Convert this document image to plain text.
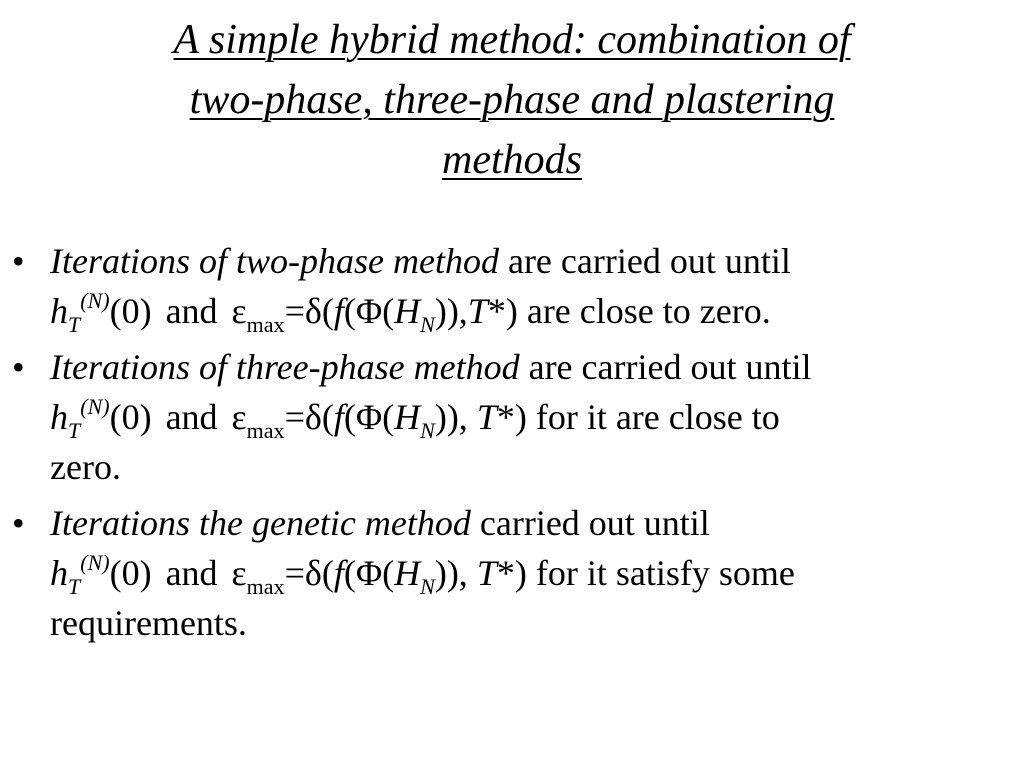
A simple hybrid method: combination of
two-phase, three-phase and plastering
methods
• Iterations of two-phase method are carried out until
$h_T^{(N)}(0)$ and $\varepsilon_{max}=\delta(f(\Phi(H_N)),T*)$ are close to zero.
• Iterations of three-phase method are carried out until
$h_T^{(N)}(0)$ and $\varepsilon_{max}=\delta(f(\Phi(H_N))$, T*) for it are close to
zero.
• Iterations the genetic method carried out until
$h_T^{(N)}(0)$ and $\varepsilon_{max}=\delta(f(\Phi(H_N))$, T*) for it satisfy some
requirements.
